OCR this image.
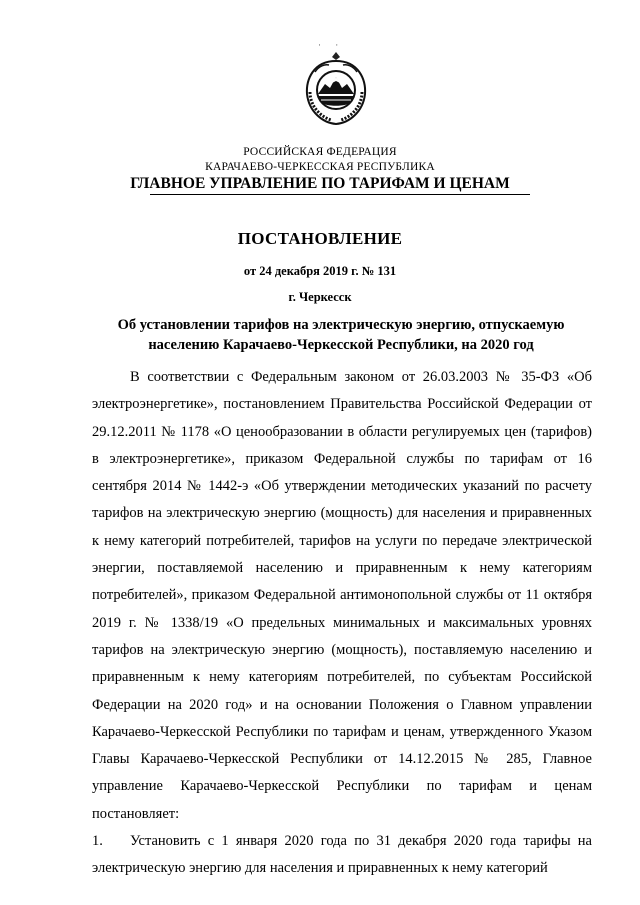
· ·
РОССИЙСКАЯ ФЕДЕРАЦИЯ
КАРАЧАЕВО-ЧЕРКЕССКАЯ РЕСПУБЛИКА
ГЛАВНОЕ УПРАВЛЕНИЕ ПО ТАРИФАМ И ЦЕНАМ
ПОСТАНОВЛЕНИЕ
от 24 декабря 2019 г. № 131
г. Черкесск
Об установлении тарифов на электрическую энергию, отпускаемую населению Карачаево-Черкесской Республики, на 2020 год

В соответствии с Федеральным законом от 26.03.2003 № 35-ФЗ «Об электроэнергетике», постановлением Правительства Российской Федерации от 29.12.2011 № 1178 «О ценообразовании в области регулируемых цен (тарифов) в электроэнергетике», приказом Федеральной службы по тарифам от 16 сентября 2014 № 1442-э «Об утверждении методических указаний по расчету тарифов на электрическую энергию (мощность) для населения и приравненных к нему категорий потребителей, тарифов на услуги по передаче электрической энергии, поставляемой населению и приравненным к нему категориям потребителей», приказом Федеральной антимонопольной службы от 11 октября 2019 г. № 1338/19 «О предельных минимальных и максимальных уровнях тарифов на электрическую энергию (мощность), поставляемую населению и приравненным к нему категориям потребителей, по субъектам Российской Федерации на 2020 год» и на основании Положения о Главном управлении Карачаево-Черкесской Республики по тарифам и ценам, утвержденного Указом Главы Карачаево-Черкесской Республики от 14.12.2015 № 285, Главное управление Карачаево-Черкесской Республики по тарифам и ценам постановляет:

1. Установить с 1 января 2020 года по 31 декабря 2020 года тарифы на электрическую энергию для населения и приравненных к нему категорий
